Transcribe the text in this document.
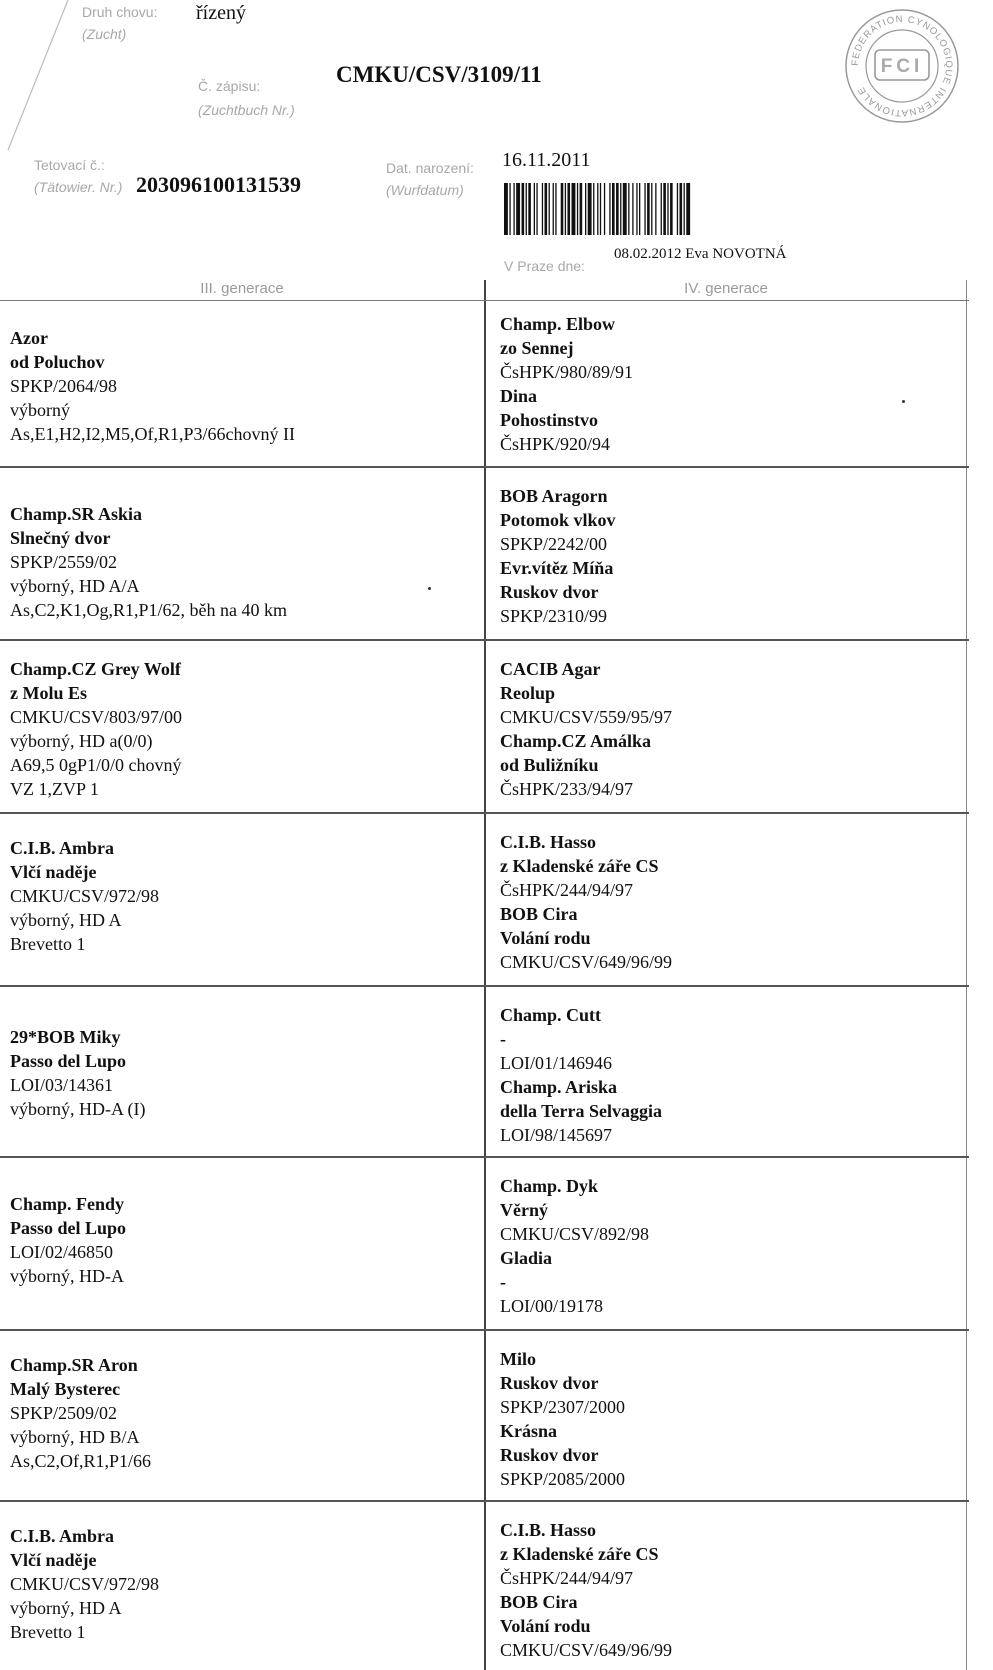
Druh chovu:
(Zucht)
řízený
Č. zápisu:
(Zuchtbuch Nr.)
CMKU/CSV/3109/11
Tetovací č.:
(Tätowier. Nr.) 203096100131539
Dat. narození:
(Wurfdatum)
16.11.2011
V Praze dne:
08.02.2012 Eva NOVOTNÁ
FEDERATION CYNOLOGIQUE INTERNATIONALE
FCI
III. generace	IV. generace
Azor
od Poluchov
SPKP/2064/98
výborný
As,E1,H2,I2,M5,Of,R1,P3/66chovný II
Champ. Elbow
zo Sennej
ČsHPK/980/89/91
Dina
Pohostinstvo
ČsHPK/920/94
Champ.SR Askia
Slnečný dvor
SPKP/2559/02
výborný, HD A/A
As,C2,K1,Og,R1,P1/62, běh na 40 km
BOB Aragorn
Potomok vlkov
SPKP/2242/00
Evr.vítěz Míňa
Ruskov dvor
SPKP/2310/99
Champ.CZ Grey Wolf
z Molu Es
CMKU/CSV/803/97/00
výborný, HD a(0/0)
A69,5 0gP1/0/0 chovný
VZ 1,ZVP 1
CACIB Agar
Reolup
CMKU/CSV/559/95/97
Champ.CZ Amálka
od Buližníku
ČsHPK/233/94/97
C.I.B. Ambra
Vlčí naděje
CMKU/CSV/972/98
výborný, HD A
Brevetto 1
C.I.B. Hasso
z Kladenské záře CS
ČsHPK/244/94/97
BOB Cira
Volání rodu
CMKU/CSV/649/96/99
29*BOB Miky
Passo del Lupo
LOI/03/14361
výborný, HD-A (I)
Champ. Cutt
-
LOI/01/146946
Champ. Ariska
della Terra Selvaggia
LOI/98/145697
Champ. Fendy
Passo del Lupo
LOI/02/46850
výborný, HD-A
Champ. Dyk
Věrný
CMKU/CSV/892/98
Gladia
-
LOI/00/19178
Champ.SR Aron
Malý Bysterec
SPKP/2509/02
výborný, HD B/A
As,C2,Of,R1,P1/66
Milo
Ruskov dvor
SPKP/2307/2000
Krásna
Ruskov dvor
SPKP/2085/2000
C.I.B. Ambra
Vlčí naděje
CMKU/CSV/972/98
výborný, HD A
Brevetto 1
C.I.B. Hasso
z Kladenské záře CS
ČsHPK/244/94/97
BOB Cira
Volání rodu
CMKU/CSV/649/96/99
